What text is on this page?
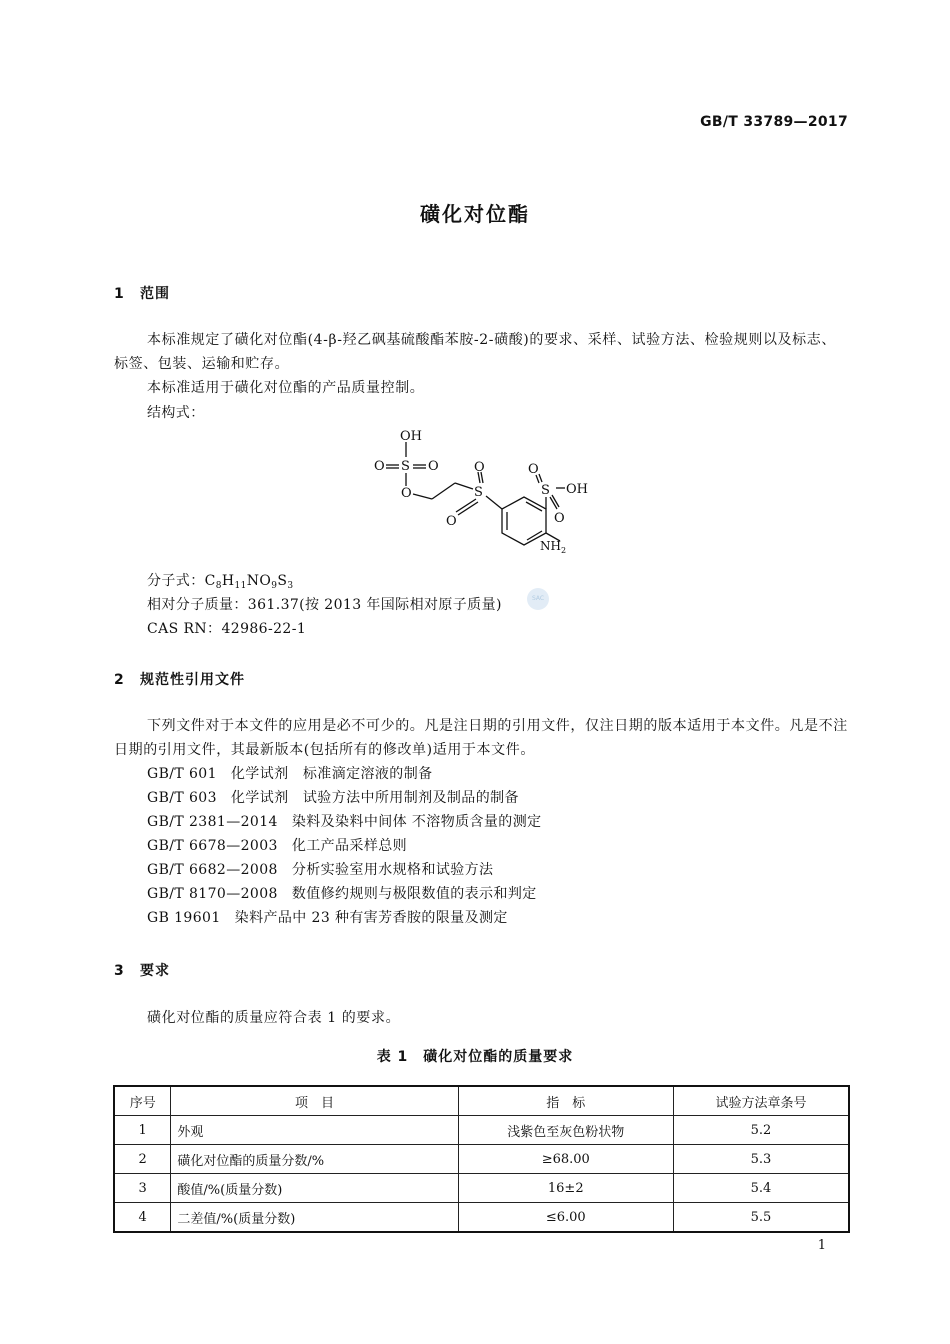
GB/T 33789—2017
磺化对位酯
1 范围
本标准规定了磺化对位酯(4-β-羟乙砜基硫酸酯苯胺-2-磺酸)的要求、采样、试验方法、检验规则以及标志、标签、包装、运输和贮存。
本标准适用于磺化对位酯的产品质量控制。
结构式：
OH
S
O	O
O	S
O
O
S
O
O
OH
$NH_2$
分子式：$C_8H_{11}NO_9S_3$
相对分子质量：361.37(按 2013 年国际相对原子质量)	SAC
CAS RN：42986-22-1
2 规范性引用文件
下列文件对于本文件的应用是必不可少的。凡是注日期的引用文件，仅注日期的版本适用于本文件。凡是不注日期的引用文件，其最新版本(包括所有的修改单)适用于本文件。
GB/T 601 化学试剂　标准滴定溶液的制备
GB/T 603 化学试剂　试验方法中所用制剂及制品的制备
GB/T 2381—2014 染料及染料中间体 不溶物质含量的测定
GB/T 6678—2003 化工产品采样总则
GB/T 6682—2008 分析实验室用水规格和试验方法
GB/T 8170—2008 数值修约规则与极限数值的表示和判定
GB 19601 染料产品中 23 种有害芳香胺的限量及测定
3 要求
磺化对位酯的质量应符合表 1 的要求。
表 1　磺化对位酯的质量要求
序号	项　目	指　标	试验方法章条号
1	外观	浅紫色至灰色粉状物	5.2
2	磺化对位酯的质量分数/%	≥68.00	5.3
3	酸值/%(质量分数)	16±2	5.4
4	二差值/%(质量分数)	≤6.00	5.5
1
